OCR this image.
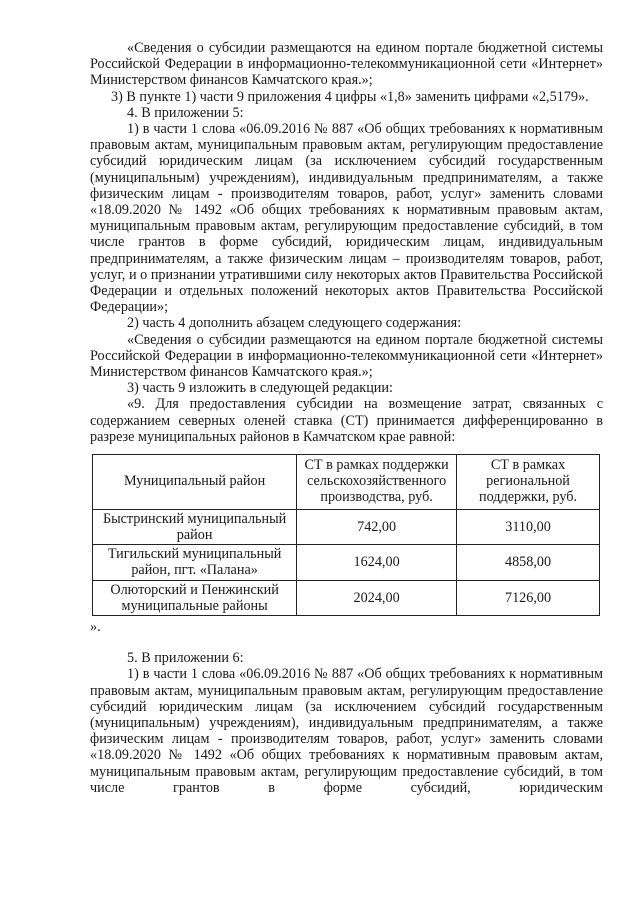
«Сведения о субсидии размещаются на едином портале бюджетной системы Российской Федерации в информационно-телекоммуникационной сети «Интернет» Министерством финансов Камчатского края.»;

3) В пункте 1) части 9 приложения 4 цифры «1,8» заменить цифрами «2,5179».

4. В приложении 5:

1) в части 1 слова «06.09.2016 № 887 «Об общих требованиях к нормативным правовым актам, муниципальным правовым актам, регулирующим предоставление субсидий юридическим лицам (за исключением субсидий государственным (муниципальным) учреждениям), индивидуальным предпринимателям, а также физическим лицам - производителям товаров, работ, услуг» заменить словами «18.09.2020 № 1492 «Об общих требованиях к нормативным правовым актам, муниципальным правовым актам, регулирующим предоставление субсидий, в том числе грантов в форме субсидий, юридическим лицам, индивидуальным предпринимателям, а также физическим лицам – производителям товаров, работ, услуг, и о признании утратившими силу некоторых актов Правительства Российской Федерации и отдельных положений некоторых актов Правительства Российской Федерации»;

2) часть 4 дополнить абзацем следующего содержания:

«Сведения о субсидии размещаются на едином портале бюджетной системы Российской Федерации в информационно-телекоммуникационной сети «Интернет» Министерством финансов Камчатского края.»;

3) часть 9 изложить в следующей редакции:

«9. Для предоставления субсидии на возмещение затрат, связанных с содержанием северных оленей ставка (СТ) принимается дифференцированно в разрезе муниципальных районов в Камчатском крае равной:

Муниципальный район	СТ в рамках поддержки сельскохозяйственного производства, руб.	СТ в рамках региональной поддержки, руб.
Быстринский муниципальный район	742,00	3110,00
Тигильский муниципальный район, пгт. «Палана»	1624,00	4858,00
Олюторский и Пенжинский муниципальные районы	2024,00	7126,00

».

5. В приложении 6:

1) в части 1 слова «06.09.2016 № 887 «Об общих требованиях к нормативным правовым актам, муниципальным правовым актам, регулирующим предоставление субсидий юридическим лицам (за исключением субсидий государственным (муниципальным) учреждениям), индивидуальным предпринимателям, а также физическим лицам - производителям товаров, работ, услуг» заменить словами «18.09.2020 № 1492 «Об общих требованиях к нормативным правовым актам, муниципальным правовым актам, регулирующим предоставление субсидий, в том числе грантов в форме субсидий, юридическим
